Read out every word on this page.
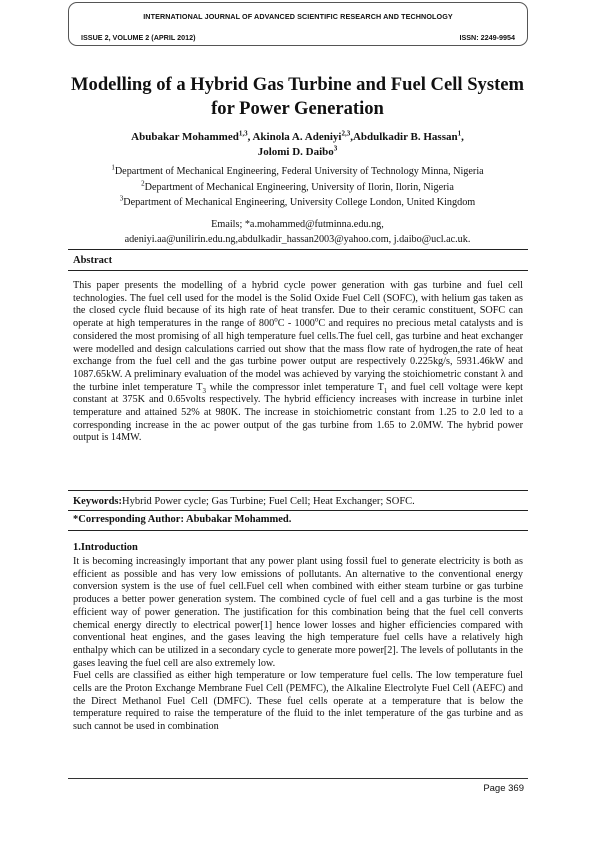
INTERNATIONAL JOURNAL OF ADVANCED SCIENTIFIC RESEARCH AND TECHNOLOGY
ISSUE 2, VOLUME 2 (APRIL 2012)	ISSN: 2249-9954
Modelling of a Hybrid Gas Turbine and Fuel Cell System
for Power Generation
Abubakar Mohammed$^{1,3}$, Akinola A. Adeniyi$^{2,3}$,Abdulkadir B. Hassan$^1$,
Jolomi D. Daibo$^3$
$^1$Department of Mechanical Engineering, Federal University of Technology Minna, Nigeria
$^2$Department of Mechanical Engineering, University of Ilorin, Ilorin, Nigeria
$^3$Department of Mechanical Engineering, University College London, United Kingdom
Emails; *a.mohammed@futminna.edu.ng,
adeniyi.aa@unilirin.edu.ng,abdulkadir_hassan2003@yahoo.com, j.daibo@ucl.ac.uk.
Abstract

This paper presents the modelling of a hybrid cycle power generation with gas turbine and fuel cell technologies. The fuel cell used for the model is the Solid Oxide Fuel Cell (SOFC), with helium gas taken as the closed cycle fluid because of its high rate of heat transfer. Due to their ceramic constituent, SOFC can operate at high temperatures in the range of 800$^o$C - 1000$^o$C and requires no precious metal catalysts and is considered the most promising of all high temperature fuel cells.The fuel cell, gas turbine and heat exchanger were modelled and design calculations carried out show that the mass flow rate of hydrogen,the rate of heat exchange from the fuel cell and the gas turbine power output are respectively 0.225kg/s, 5931.46kW and 1087.65kW. A preliminary evaluation of the model was achieved by varying the stoichiometric constant λ and the turbine inlet temperature $T_3$ while the compressor inlet temperature $T_1$ and fuel cell voltage were kept constant at 375K and 0.65volts respectively. The hybrid efficiency increases with increase in turbine inlet temperature and attained 52% at 980K. The increase in stoichiometric constant from 1.25 to 2.0 led to a corresponding increase in the ac power output of the gas turbine from 1.65 to 2.0MW. The hybrid power output is 14MW.

Keywords:Hybrid Power cycle; Gas Turbine; Fuel Cell; Heat Exchanger; SOFC.
*Corresponding Author: Abubakar Mohammed.
1.Introduction

It is becoming increasingly important that any power plant using fossil fuel to generate electricity is both as efficient as possible and has very low emissions of pollutants. An alternative to the conventional energy conversion system is the use of fuel cell.Fuel cell when combined with either steam turbine or gas turbine produces a better power generation system. The combined cycle of fuel cell and a gas turbine is the most efficient way of power generation. The justification for this combination being that the fuel cell converts chemical energy directly to electrical power[1] hence lower losses and higher efficiencies compared with conventional heat engines, and the gases leaving the high temperature fuel cells have a relatively high enthalpy which can be utilized in a secondary cycle to generate more power[2]. The levels of pollutants in the gases leaving the fuel cell are also extremely low.

Fuel cells are classified as either high temperature or low temperature fuel cells. The low temperature fuel cells are the Proton Exchange Membrane Fuel Cell (PEMFC), the Alkaline Electrolyte Fuel Cell (AEFC) and the Direct Methanol Fuel Cell (DMFC). These fuel cells operate at a temperature that is below the temperature required to raise the temperature of the fluid to the inlet temperature of the gas turbine and as such cannot be used in combination

Page 369
